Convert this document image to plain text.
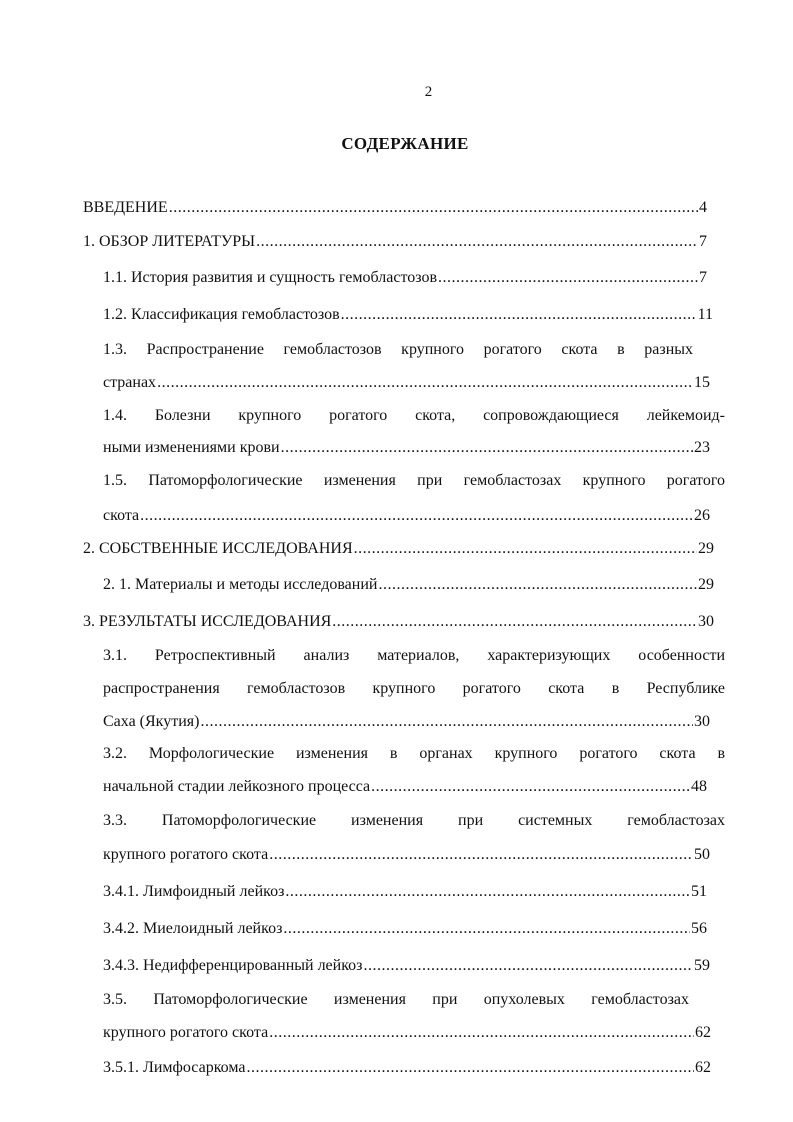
2
СОДЕРЖАНИЕ
ВВЕДЕНИЕ .....	4
1. ОБЗОР ЛИТЕРАТУРЫ .....	7
1.1. История развития и сущность гемобластозов .....	7
1.2. Классификация гемобластозов .....	11
1.3. Распространение гемобластозов крупного рогатого скота в разных
странах .....	15
1.4. Болезни крупного рогатого скота, сопровождающиеся лейкемоид-
ными изменениями крови .....	23
1.5. Патоморфологические изменения при гемобластозах крупного рогатого
скота .....	26
2. СОБСТВЕННЫЕ ИССЛЕДОВАНИЯ .....	29
2. 1. Материалы и методы исследований .....	29
3. РЕЗУЛЬТАТЫ ИССЛЕДОВАНИЯ .....	30
3.1. Ретроспективный анализ материалов, характеризующих особенности
распространения гемобластозов крупного рогатого скота в Республике
Саха (Якутия) .....	30
3.2. Морфологические изменения в органах крупного рогатого скота в
начальной стадии лейкозного процесса .....	48
3.3. Патоморфологические изменения при системных гемобластозах
крупного рогатого скота .....	50
3.4.1. Лимфоидный лейкоз .....	51
3.4.2. Миелоидный лейкоз .....	56
3.4.3. Недифференцированный лейкоз .....	59
3.5. Патоморфологические изменения при опухолевых гемобластозах
крупного рогатого скота .....	62
3.5.1. Лимфосаркома .....	62
